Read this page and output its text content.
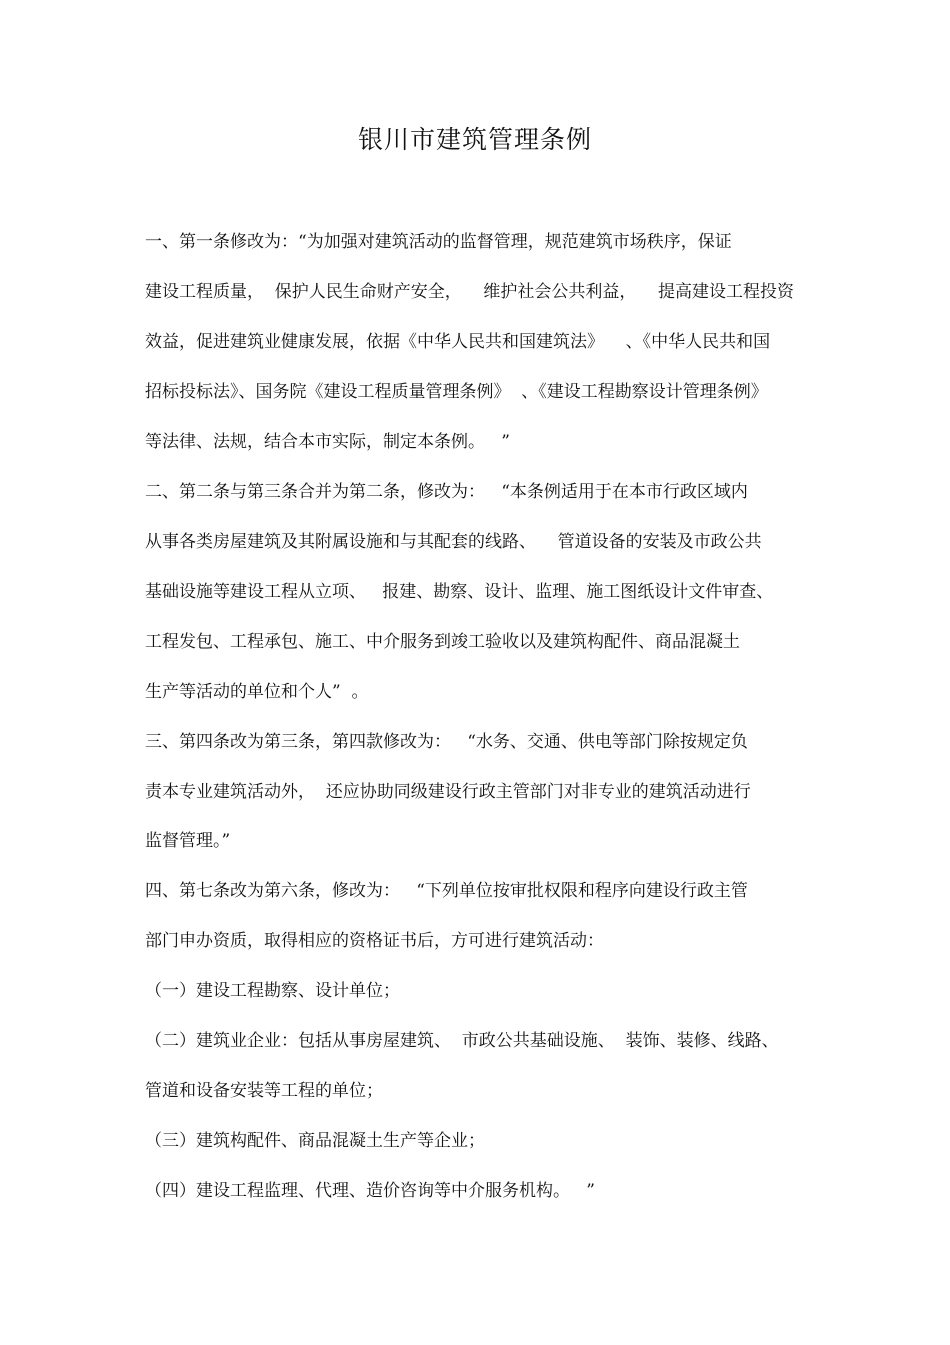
银川市建筑管理条例
一、第一条修改为：“为加强对建筑活动的监督管理，规范建筑市场秩序，保证
建设工程质量，  保护人民生命财产安全，    维护社会公共利益，    提高建设工程投资
效益，促进建筑业健康发展，依据《中华人民共和国建筑法》    、《中华人民共和国
招标投标法》、国务院《建设工程质量管理条例》  、《建设工程勘察设计管理条例》
等法律、法规，结合本市实际，制定本条例。   ”
二、第二条与第三条合并为第二条，修改为：   “本条例适用于在本市行政区域内
从事各类房屋建筑及其附属设施和与其配套的线路、    管道设备的安装及市政公共
基础设施等建设工程从立项、   报建、勘察、设计、监理、施工图纸设计文件审查、
工程发包、工程承包、施工、中介服务到竣工验收以及建筑构配件、商品混凝土
生产等活动的单位和个人”  。
三、第四条改为第三条，第四款修改为：   “水务、交通、供电等部门除按规定负
责本专业建筑活动外，  还应协助同级建设行政主管部门对非专业的建筑活动进行
监督管理。”
四、第七条改为第六条，修改为：   “下列单位按审批权限和程序向建设行政主管
部门申办资质，取得相应的资格证书后，方可进行建筑活动：
（一）建设工程勘察、设计单位；
（二）建筑业企业：包括从事房屋建筑、  市政公共基础设施、  装饰、装修、线路、
管道和设备安装等工程的单位；
（三）建筑构配件、商品混凝土生产等企业；
（四）建设工程监理、代理、造价咨询等中介服务机构。   ”
